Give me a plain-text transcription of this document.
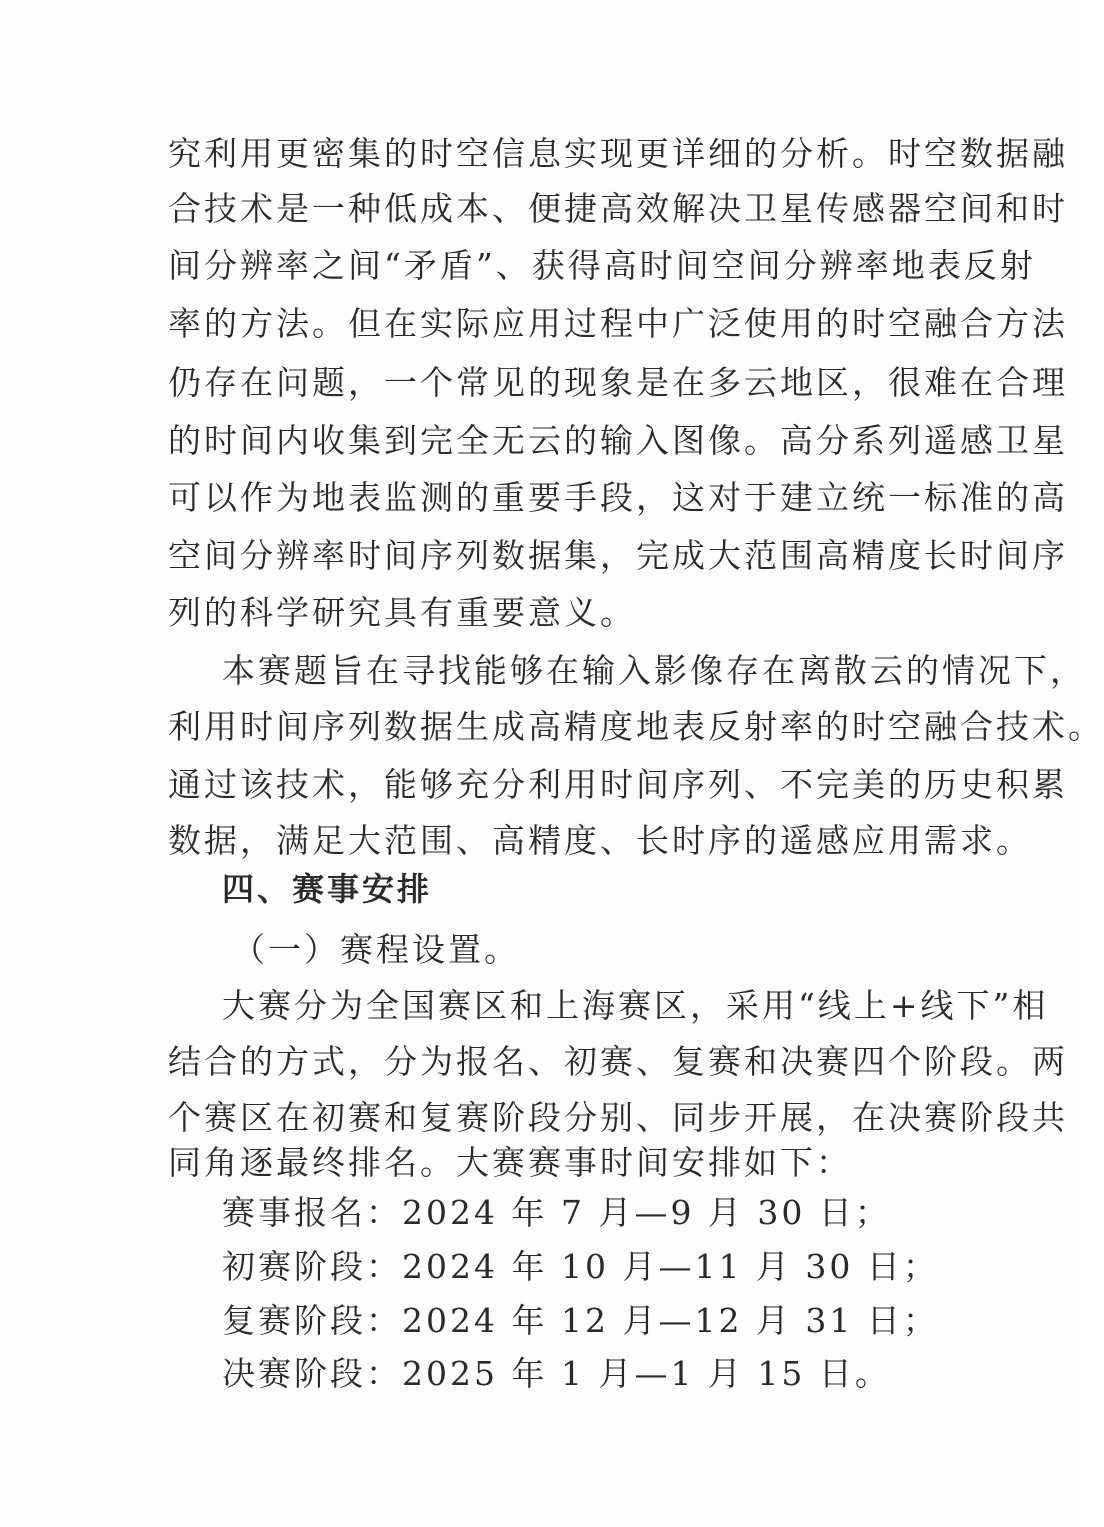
究利用更密集的时空信息实现更详细的分析。时空数据融
合技术是一种低成本、便捷高效解决卫星传感器空间和时
间分辨率之间“矛盾”、获得高时间空间分辨率地表反射
率的方法。但在实际应用过程中广泛使用的时空融合方法
仍存在问题，一个常见的现象是在多云地区，很难在合理
的时间内收集到完全无云的输入图像。高分系列遥感卫星
可以作为地表监测的重要手段，这对于建立统一标准的高
空间分辨率时间序列数据集，完成大范围高精度长时间序
列的科学研究具有重要意义。
本赛题旨在寻找能够在输入影像存在离散云的情况下，
利用时间序列数据生成高精度地表反射率的时空融合技术。
通过该技术，能够充分利用时间序列、不完美的历史积累
数据，满足大范围、高精度、长时序的遥感应用需求。
四、赛事安排
（一）赛程设置。
大赛分为全国赛区和上海赛区，采用“线上+线下”相
结合的方式，分为报名、初赛、复赛和决赛四个阶段。两
个赛区在初赛和复赛阶段分别、同步开展，在决赛阶段共
同角逐最终排名。大赛赛事时间安排如下：
赛事报名：2024 年 7 月—9 月 30 日；
初赛阶段：2024 年 10 月—11 月 30 日；
复赛阶段：2024 年 12 月—12 月 31 日；
决赛阶段：2025 年 1 月—1 月 15 日。
